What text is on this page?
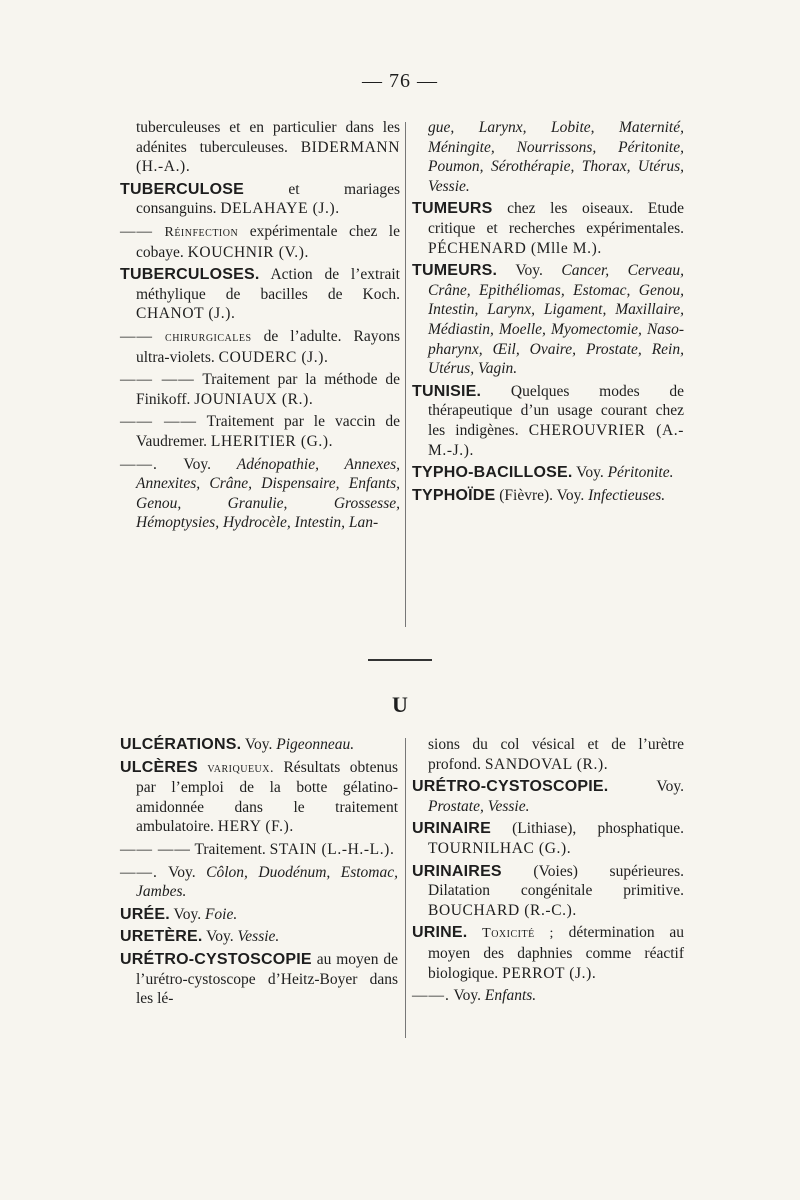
— 76 —
tuberculeuses et en particulier dans les adénites tuberculeuses. BIDERMANN (H.-A.).
TUBERCULOSE et mariages consanguins. DELAHAYE (J.).
—— Réinfection expérimentale chez le cobaye. KOUCHNIR (V.).
TUBERCULOSES. Action de l’extrait méthylique de bacilles de Koch. CHANOT (J.).
—— chirurgicales de l’adulte. Rayons ultra-violets. COUDERC (J.).
—— —— Traitement par la méthode de Finikoff. JOUNIAUX (R.).
—— —— Traitement par le vaccin de Vaudremer. LHERITIER (G.).
——. Voy. Adénopathie, Annexes, Annexites, Crâne, Dispensaire, Enfants, Genou, Granulie, Grossesse, Hémoptysies, Hydrocèle, Intestin, Lan-
gue, Larynx, Lobite, Maternité, Méningite, Nourrissons, Péritonite, Poumon, Sérothérapie, Thorax, Utérus, Vessie.
TUMEURS chez les oiseaux. Etude critique et recherches expérimentales. PÉCHENARD (Mlle M.).
TUMEURS. Voy. Cancer, Cerveau, Crâne, Epithéliomas, Estomac, Genou, Intestin, Larynx, Ligament, Maxillaire, Médiastin, Moelle, Myomectomie, Naso-pharynx, Œil, Ovaire, Prostate, Rein, Utérus, Vagin.
TUNISIE. Quelques modes de thérapeutique d’un usage courant chez les indigènes. CHEROUVRIER (A.-M.-J.).
TYPHO-BACILLOSE. Voy. Péritonite.
TYPHOÏDE (Fièvre). Voy. Infectieuses.
U
ULCÉRATIONS. Voy. Pigeonneau.
ULCÈRES variqueux. Résultats obtenus par l’emploi de la botte gélatino-amidonnée dans le traitement ambulatoire. HERY (F.).
—— —— Traitement. STAIN (L.-H.-L.).
——. Voy. Côlon, Duodénum, Estomac, Jambes.
URÉE. Voy. Foie.
URETÈRE. Voy. Vessie.
URÉTRO-CYSTOSCOPIE au moyen de l’urétro-cystoscope d’Heitz-Boyer dans les lé-
sions du col vésical et de l’urètre profond. SANDOVAL (R.).
URÉTRO-CYSTOSCOPIE. Voy. Prostate, Vessie.
URINAIRE (Lithiase), phosphatique. TOURNILHAC (G.).
URINAIRES (Voies) supérieures. Dilatation congénitale primitive. BOUCHARD (R.-C.).
URINE. Toxicité ; détermination au moyen des daphnies comme réactif biologique. PERROT (J.).
——. Voy. Enfants.
